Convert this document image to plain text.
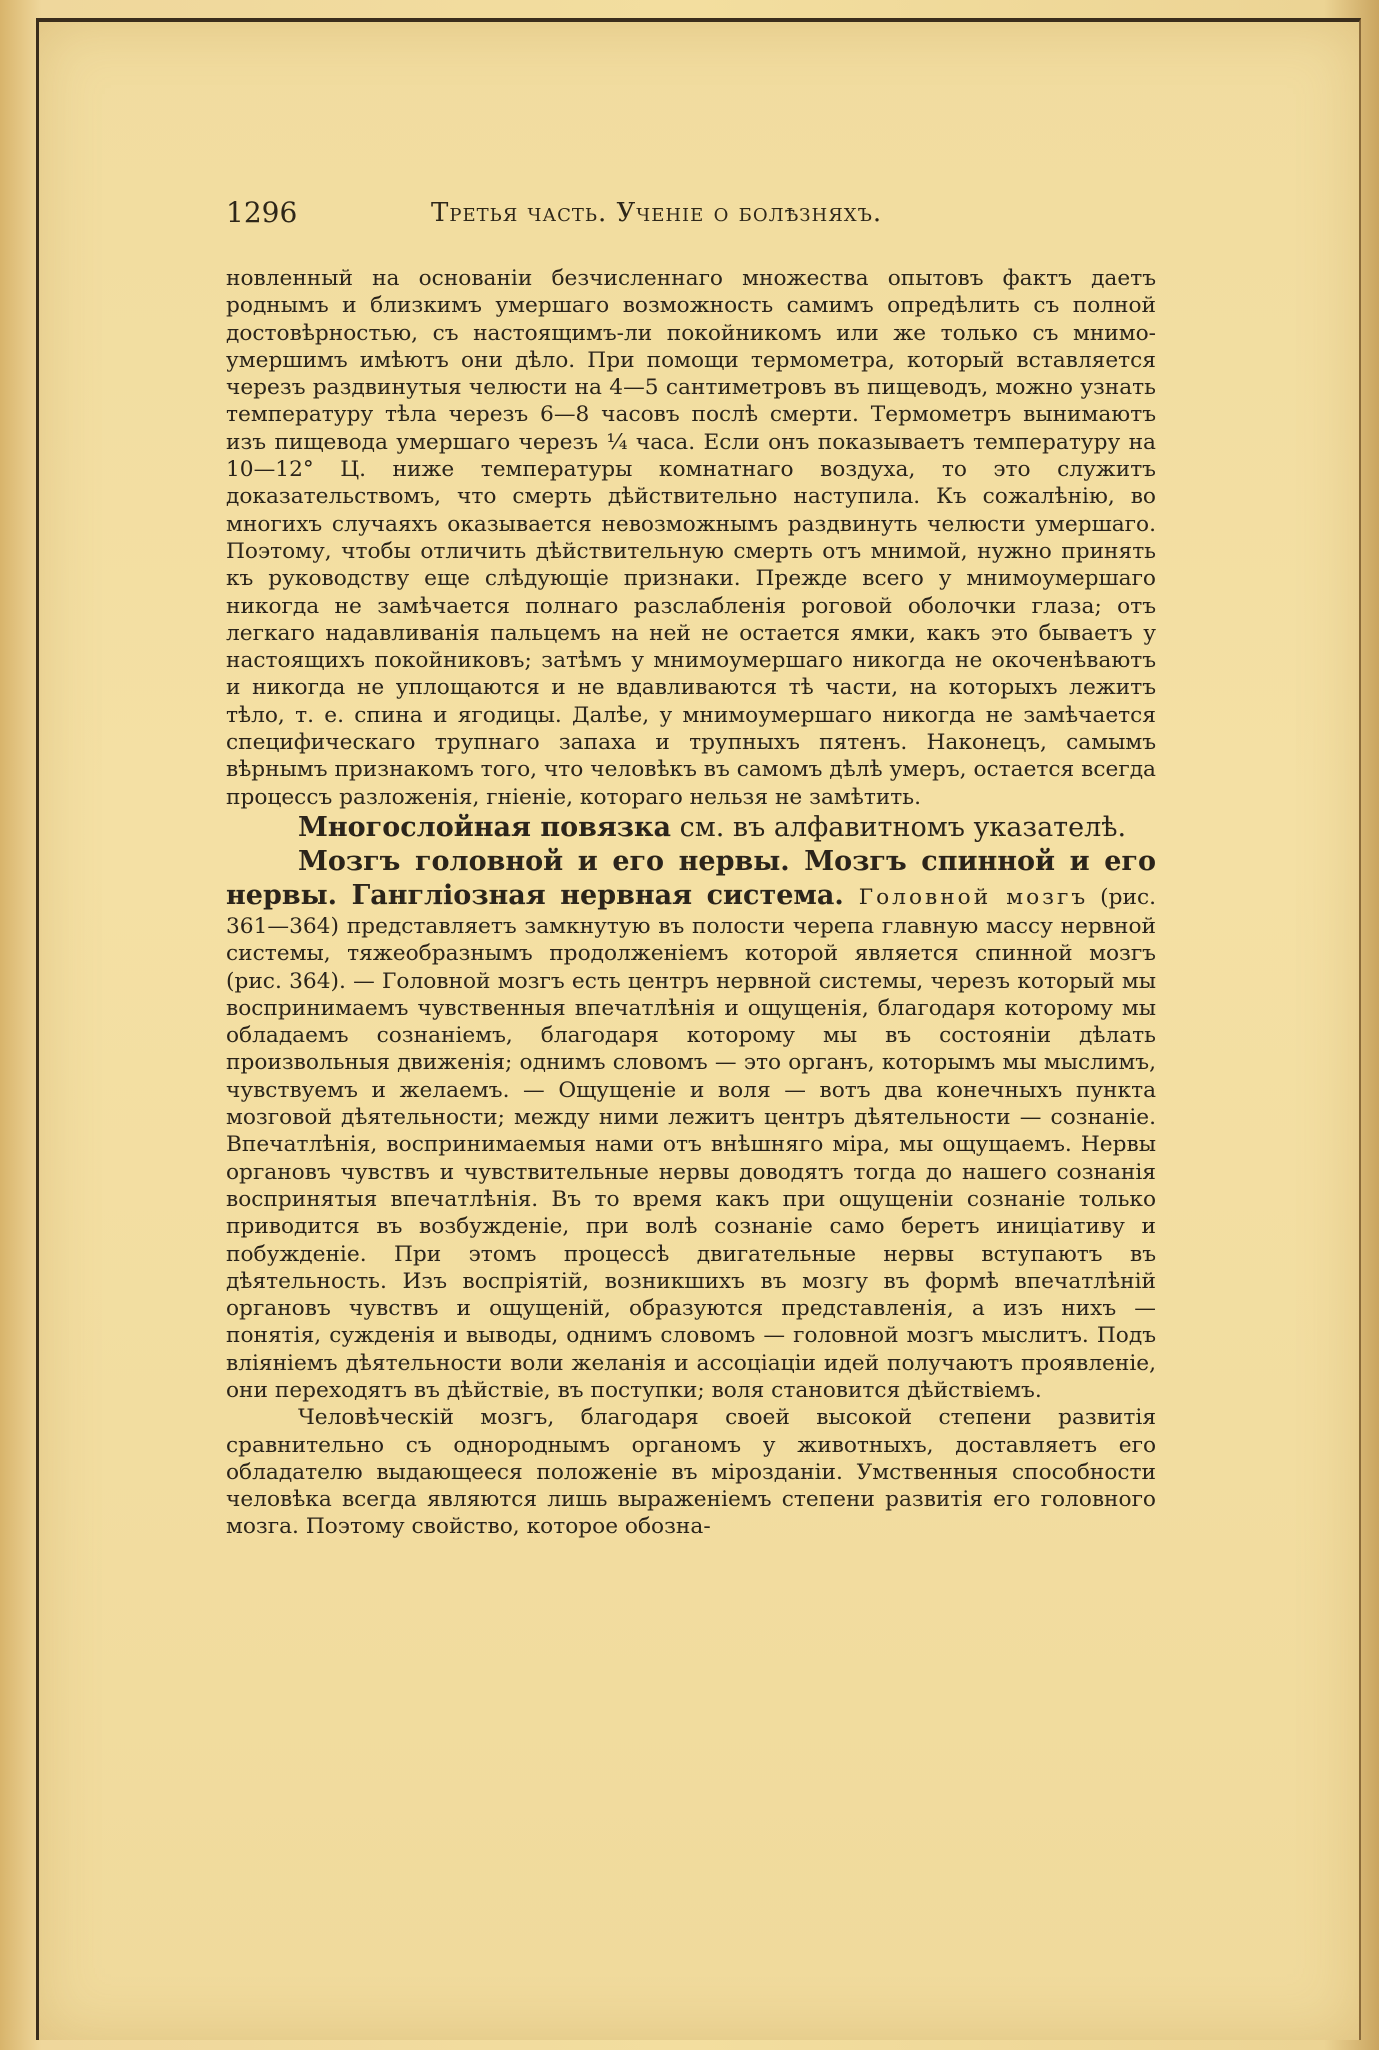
1296	Третья часть. Ученіе о болѣзняхъ.

новленный на основаніи безчисленнаго множества опытовъ фактъ даетъ роднымъ и близкимъ умершаго возможность самимъ опредѣлить съ полной достовѣрностью, съ настоящимъ-ли покойникомъ или же только съ мнимо-умершимъ имѣютъ они дѣло. При помощи термометра, который вставляется черезъ раздвинутыя челюсти на 4—5 сантиметровъ въ пищеводъ, можно узнать температуру тѣла черезъ 6—8 часовъ послѣ смерти. Термометръ вынимаютъ изъ пищевода умершаго черезъ ¼ часа. Если онъ показываетъ температуру на 10—12° Ц. ниже температуры комнатнаго воздуха, то это служитъ доказательствомъ, что смерть дѣйствительно наступила. Къ сожалѣнію, во многихъ случаяхъ оказывается невозможнымъ раздвинуть челюсти умершаго. Поэтому, чтобы отличить дѣйствительную смерть отъ мнимой, нужно принять къ руководству еще слѣдующіе признаки. Прежде всего у мнимоумершаго никогда не замѣчается полнаго разслабленія роговой оболочки глаза; отъ легкаго надавливанія пальцемъ на ней не остается ямки, какъ это бываетъ у настоящихъ покойниковъ; затѣмъ у мнимоумершаго никогда не окоченѣваютъ и никогда не уплощаются и не вдавливаются тѣ части, на которыхъ лежитъ тѣло, т. е. спина и ягодицы. Далѣе, у мнимоумершаго никогда не замѣчается специфическаго трупнаго запаха и трупныхъ пятенъ. Наконецъ, самымъ вѣрнымъ признакомъ того, что человѣкъ въ самомъ дѣлѣ умеръ, остается всегда процессъ разложенія, гніеніе, котораго нельзя не замѣтить.

Многослойная повязка см. въ алфавитномъ указателѣ.

Мозгъ головной и его нервы. Мозгъ спинной и его нервы. Ганглiозная нервная система. Головной мозгъ (рис. 361—364) представляетъ замкнутую въ полости черепа главную массу нервной системы, тяжеобразнымъ продолженіемъ которой является спинной мозгъ (рис. 364). — Головной мозгъ есть центръ нервной системы, черезъ который мы воспринимаемъ чувственныя впечатлѣнія и ощущенія, благодаря которому мы обладаемъ сознаніемъ, благодаря которому мы въ состояніи дѣлать произвольныя движенія; однимъ словомъ — это органъ, которымъ мы мыслимъ, чувствуемъ и желаемъ. — Ощущеніе и воля — вотъ два конечныхъ пункта мозговой дѣятельности; между ними лежитъ центръ дѣятельности — сознаніе. Впечатлѣнія, воспринимаемыя нами отъ внѣшняго міра, мы ощущаемъ. Нервы органовъ чувствъ и чувствительные нервы доводятъ тогда до нашего сознанія воспринятыя впечатлѣнія. Въ то время какъ при ощущеніи сознаніе только приводится въ возбужденіе, при волѣ сознаніе само беретъ иниціативу и побужденіе. При этомъ процессѣ двигательные нервы вступаютъ въ дѣятельность. Изъ воспріятій, возникшихъ въ мозгу въ формѣ впечатлѣній органовъ чувствъ и ощущеній, образуются представленія, а изъ нихъ — понятія, сужденія и выводы, однимъ словомъ — головной мозгъ мыслитъ. Подъ вліяніемъ дѣятельности воли желанія и ассоціаціи идей получаютъ проявленіе, они переходятъ въ дѣйствіе, въ поступки; воля становится дѣйствіемъ.

Человѣческій мозгъ, благодаря своей высокой степени развитія сравнительно съ однороднымъ органомъ у животныхъ, доставляетъ его обладателю выдающееся положеніе въ мірозданіи. Умственныя способности человѣка всегда являются лишь выраженіемъ степени развитія его головного мозга. Поэтому свойство, которое обозна-
